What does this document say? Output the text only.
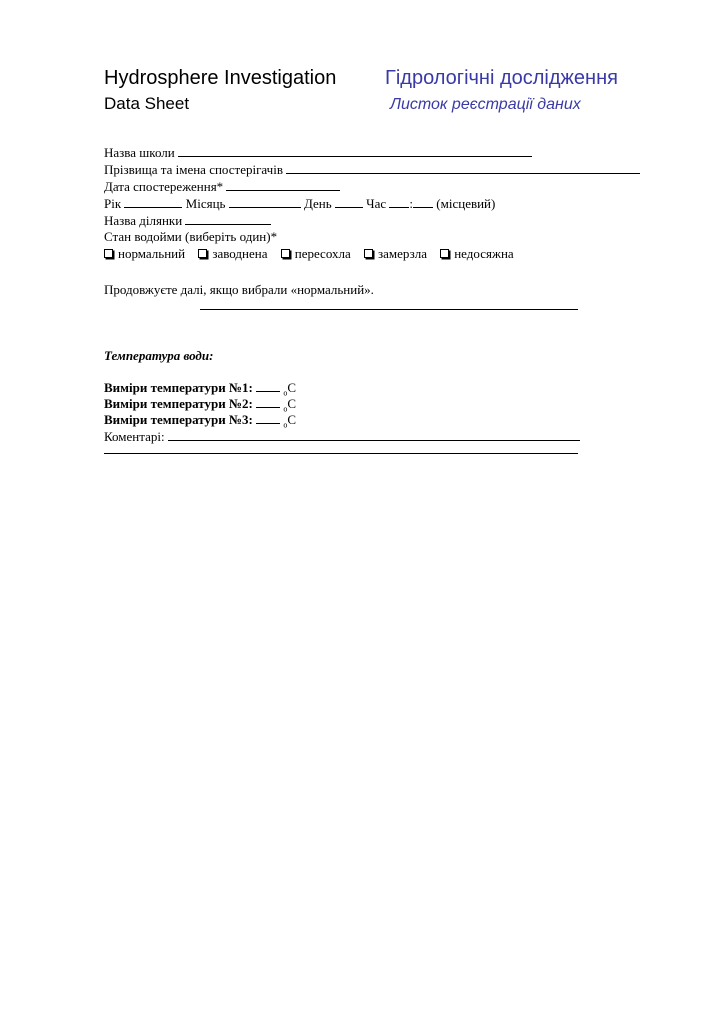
Hydrosphere Investigation Гідрологічні дослідження
Data Sheet	Листок реєстрації даних
Назва школи
Прізвища та імена спостерігачів
Дата спостереження*
Рік	Місяць	День	Час : (місцевий)
Назва ділянки
Стан водойми (виберіть один)*
нормальний заводнена пересохла замерзла недосяжна
Продовжуєте далі, якщо вибрали «нормальний».
Температура води:
Виміри температури №1:	$_о$C
Виміри температури №2:	$_о$C
Виміри температури №3:	$_о$C
Коментарі:
